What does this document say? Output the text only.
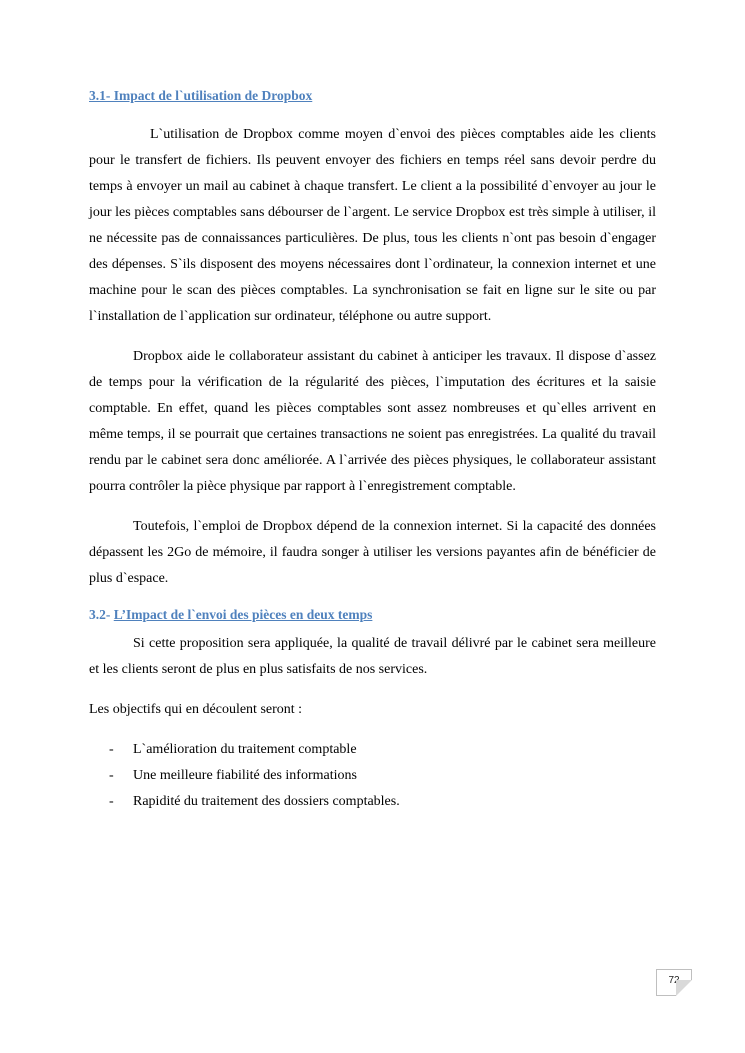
3.1- Impact de l`utilisation de Dropbox

L`utilisation de Dropbox comme moyen d`envoi des pièces comptables aide les clients pour le transfert de fichiers. Ils peuvent envoyer des fichiers en temps réel sans devoir perdre du temps à envoyer un mail au cabinet à chaque transfert. Le client a la possibilité d`envoyer au jour le jour les pièces comptables sans débourser de l`argent. Le service Dropbox est très simple à utiliser, il ne nécessite pas de connaissances particulières. De plus, tous les clients n`ont pas besoin d`engager des dépenses. S`ils disposent des moyens nécessaires dont l`ordinateur, la connexion internet et une machine pour le scan des pièces comptables. La synchronisation se fait en ligne sur le site ou par l`installation de l`application sur ordinateur, téléphone ou autre support.

Dropbox aide le collaborateur assistant du cabinet à anticiper les travaux. Il dispose d`assez de temps pour la vérification de la régularité des pièces, l`imputation des écritures et la saisie comptable. En effet, quand les pièces comptables sont assez nombreuses et qu`elles arrivent en même temps, il se pourrait que certaines transactions ne soient pas enregistrées. La qualité du travail rendu par le cabinet sera donc améliorée. A l`arrivée des pièces physiques, le collaborateur assistant pourra contrôler la pièce physique par rapport à l`enregistrement comptable.

Toutefois, l`emploi de Dropbox dépend de la connexion internet. Si la capacité des données dépassent les 2Go de mémoire, il faudra songer à utiliser les versions payantes afin de bénéficier de plus d`espace.

3.2- L’Impact de l`envoi des pièces en deux temps

Si cette proposition sera appliquée, la qualité de travail délivré par le cabinet sera meilleure et les clients seront de plus en plus satisfaits de nos services.

Les objectifs qui en découlent seront :

- L`amélioration du traitement comptable
- Une meilleure fiabilité des informations
- Rapidité du traitement des dossiers comptables.
72
